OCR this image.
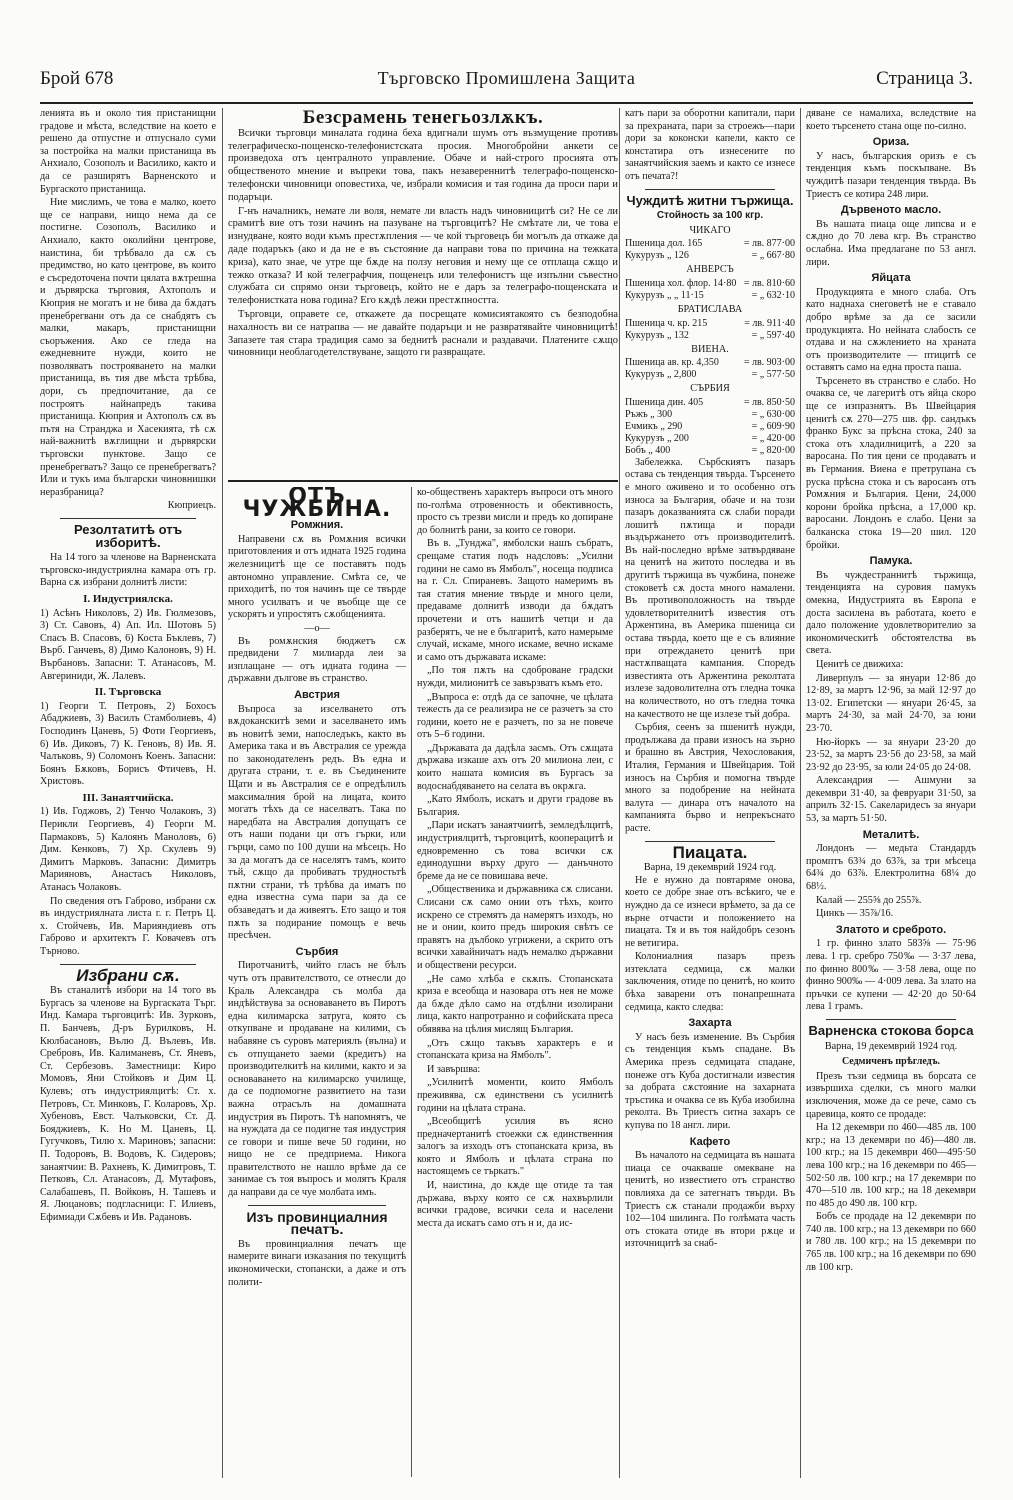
Брой 678	Търговско Промишлена Защита	Страница 3.

ленията въ и около тия пристанищни градове и мѣста, вследствие на което е решено да отпустне и отпуснало суми за постройка на малки пристанища въ Анхиало, Созополъ и Василико, както и да се разширятъ Варненското и Бургаското пристанища.

Ние мислимъ, че това е малко, което ще се направи, нищо нема да се постигне. Созополъ, Василико и Анхиало, както околийни центрове, наистина, би трѣбвало да сѫ съ предимство, но като центрове, въ които е съсредоточена почти цялата вѫтрешна и дървярска търговия, Ахтополъ и Кюприя не могатъ и не бива да бѫдатъ пренебрегвани отъ да се снабдятъ съ малки, макаръ, пристанищни съоръжения. Ако се гледа на ежедневните нужди, които не позволяватъ построяването на малки пристанища, въ тия две мѣста трѣбва, дори, съ предпочитание, да се построятъ найнапредъ такива пристанища. Кюприя и Ахтополъ сѫ въ пътя на Странджа и Хасекията, тѣ сѫ най-важнитѣ вѫглищни и дървярски търговски пунктове. Защо се пренебрегватъ? Защо се пренебрегватъ? Или и тукъ има български чиновнишки неразбраница?

Кюприецъ.

Резолтатитѣ отъ изборитѣ.

На 14 того за членове на Варненската търговско-индустриялна камара отъ гр. Варна сѫ избрани долнитѣ листи:

I. Индустриялска.

1) Асѣнъ Николовъ, 2) Ив. Гюлмезовъ, 3) Ст. Савовъ, 4) Ап. Ил. Шотовъ 5) Спасъ В. Спасовъ, 6) Коста Бъклевъ, 7) Върб. Ганчевъ, 8) Димо Калоновъ, 9) Н. Върбановъ. Запасни: Т. Атанасовъ, М. Авгериниди, Ж. Лалевъ.

II. Търговска

1) Георги Т. Петровъ, 2) Бохосъ Абаджиевъ, 3) Василъ Стамболиевъ, 4) Господинъ Цаневъ, 5) Фоти Георгиевъ, 6) Ив. Диковъ, 7) К. Геновъ, 8) Ив. Я. Чалъковъ, 9) Соломонъ Коенъ. Запасни: Боянъ Бѫковъ, Борисъ Фтичевъ, Н. Христовъ.

III. Занаятчийска.

1) Ив. Годжовъ, 2) Тенчо Чолаковъ, 3) Перикли Георгиевъ, 4) Георги М. Пармаковъ, 5) Калоянъ Маноловъ, 6) Дим. Кенковъ, 7) Хр. Скулевъ 9) Димитъ Марковъ. Запасни: Димитръ Марияновъ, Анастасъ Николовъ, Атанасъ Чолаковъ.

По сведения отъ Габрово, избрани сѫ въ индустриялната листа г. г. Петръ Ц. х. Стойчевъ, Ив. Марияндиевъ отъ Габрово и архитектъ Г. Ковачевъ отъ Търново.

Избрани сѫ.

Въ станалитѣ избори на 14 того въ Бургасъ за членове на Бургаската Търг. Инд. Камара търговцитѣ: Ив. Зурковъ, П. Банчевъ, Д-ръ Бурилковъ, Н. Кюлбасановъ, Вълю Д. Вълевъ, Ив. Сребровъ, Ив. Калиманевъ, Ст. Яневъ, Ст. Сербезовъ. Заместници: Киро Момовъ, Яни Стойковъ и Дим Ц. Кулевъ; отъ индустриялцитѣ: Ст. х. Петровъ, Ст. Минковъ, Г. Коларовъ, Хр. Хубеновъ, Евст. Чалъковски, Ст. Д. Бояджиевъ, К. Но М. Цаневъ, Ц. Гугучковъ, Тилю х. Мариновъ; запасни: П. Тодоровъ, В. Водовъ, К. Сидеровъ; занаятчии: В. Рахневъ, К. Димитровъ, Т. Петковъ, Сл. Атанасовъ, Д. Мутафовъ, Салабашевъ, П. Войковъ, Н. Ташевъ и Я. Люцановъ; подгласници: Г. Илиевъ, Ефимиади Сѫбевъ и Ив. Радановъ.

Безсрамень тенегьозлѫкъ.

Всички търговци миналата година беха вдигнали шумъ отъ възмущение противъ телеграфическо-пощенско-телефонистската просия. Многобройни анкети се произведоха отъ централното управление. Обаче и най-строго просията отъ общественото мнение и въпреки това, пакъ незавереннитѣ телеграфо-пощенско-телефонски чиновници оповестиха, че, избрали комисия и тая година да проси пари и подаръци.

Г-нъ началникъ, немате ли воля, немате ли власть надъ чиновницитѣ си? Не се ли срамитѣ вие отъ този начинъ на пазуване на търговцитѣ? Не смѣтате ли, че това е изнудване, която води къмъ престѫпления — че кой търговецъ би могълъ да откаже да даде подаръкъ (ако и да не е въ състояние да направи това по причина на тежката криза), като знае, че утре ще бѫде на ползу неговия и нему ще се отплаща сѫщо и тежко отказа? И кой телеграфчия, пощенецъ или телефонистъ ще изпълни съвестно службата си спрямо онзи търговецъ, който не е даръ за телеграфо-пощенската и телефонистката нова година? Его кѫдѣ лежи престѫпността.

Търговци, оправете се, откажете да посрещате комисиятакоято съ безподобна нахалность ви се натрапва — не давайте подаръци и не развратявайте чиновницитѣ! Запазете тая стара традиция само за беднитѣ раснали и раздавачи. Платените сѫщо чиновници необлагодетелствуване, защото ги развращате.

ОТЪ ЧУЖБИНА.
Ромжния.

Направени сѫ въ Ромѫния всички приготовления и отъ идната 1925 година железницитѣ ще се поставятъ подъ автономно управление. Смѣта се, че приходитѣ, по тоя начинъ ще се твърде много усилватъ и че въобще ще се ускорятъ и упростятъ сѫобщенията.

—о—

Въ ромѫнския бюджетъ сѫ предвидени 7 милиарда леи за изплащане — отъ идната година — държавни дългове въ странство.

Австрия

Въпроса за изселването отъ вѫдоканскитѣ земи и заселването имъ въ новитѣ земи, напоследъкъ, както въ Америка така и въ Австралия се урежда по законодателенъ редъ. Въ една и другата страни, т. е. въ Съединените Щати и въ Австралия се е опредѣлилъ максималния брой на лицата, които могатъ тѣхъ да се населватъ. Така по наредбата на Австралия допущатъ се отъ наши подани ци отъ гърки, или гърци, само по 100 души на мѣсецъ. Но за да могатъ да се населятъ тамъ, които тъй, сѫщо да пробиватъ трудностьтѣ пѫтни страни, тѣ трѣбва да иматъ по една известна сума пари за да се обзаведатъ и да живеятъ. Ето защо и тоя пѫть за подирание помощъ е вечь пресѣчен.

Сърбия

Пиротчанитѣ, чийто гласъ не бѣлъ чутъ отъ правителството, се отнесли до Краль Александра съ молба да индѣйствува за основаването въ Пиротъ една килимарска затруга, която съ откупване и продаване на килими, съ набавяне съ суровъ материялъ (вълна) и съ отпущането заеми (кредитъ) на производителкитѣ на килими, както и за основаването на килимарско училище, да се подпомогне развитието на тази важна отрасълъ на домашната индустрия въ Пиротъ. Тѣ напомнятъ, че на нуждата да се подигне тая индустрия се говори и пише вече 50 години, но нищо не се предприема. Никога правителството не нашло врѣме да се занимае съ тоя въпросъ и молятъ Краля да направи да се чуе молбата имъ.

Изъ провинциалния печатъ.

Въ провинциалния печатъ ще намерите винаги изказания по текущитѣ икономически, стопански, а даже и отъ полити-

ко-общественъ характеръ въпроси отъ много по-голѣма отровенность и обективность, просто съ трезви мисли и предъ ко допиране до болнитѣ рани, за които се говори.

Въ в. „Тунджа", ямболски нашъ събратъ, срещаме статия подъ надсловъ: „Усилни години не само въ Ямболъ", носеща подписа на г. Сл. Спираневъ. Защото намеримъ въ тая статия мнение твърде и много цели, предаваме долнитѣ изводи да бѫдатъ прочетени и отъ нашитѣ четци и да разберятъ, че не е българитѣ, като намерыме случай, искаме, много искаме, вечно искаме и само отъ държавата искаме:

„По тоя пѫть на сдоброване градски нужди, милионитѣ се завързватъ къмъ ето.

„Въпроса е: отдѣ да се започне, че цѣлата тежесть да се реализира не се разчетъ за сто години, което не е разчетъ, по за не повече отъ 5–6 години.

„Държавата да дадѣла засмъ. Отъ сѫщата държава изкаше ахъ отъ 20 милиона леи, с които нашата комисия въ Бургасъ за водоснабдяването на селата въ окрѫга.

„Като Ямболъ, искатъ и други градове въ България.

„Пари искатъ занаятчиитѣ, земледѣлцитѣ, индустриялцитѣ, търговцитѣ, кооперацитѣ и едновременно съ това всички сѫ единодушни върху друго — данъчното бреме да не се повишава вече.

„Общественика и държавника сѫ слисани. Слисани сѫ само онии отъ тѣхъ, които искрено се стремятъ да намерятъ изходъ, но не и онии, които предъ широкия свѣтъ се правятъ на дълбоко угрижени, а скрито отъ всички хавайничатъ надъ немалко държавни и обществени ресурси.

„Не само хлѣба е скѫпъ. Стопанската криза е всеобща и назовара отъ нея не може да бѫде дѣло само на отдѣлни изолирани лица, както напротранно и софийската преса обявява на цѣлия мислящ България.

„Отъ сѫщо такъвъ характеръ е и стопанската криза на Ямболъ".

И завършва:

„Усилнитѣ моменти, които Ямболъ преживява, сѫ единствени съ усилнитѣ години на цѣлата страна.

„Всеобщитѣ усилия въ ясно предначертанитѣ стоежки сѫ единственния залогъ за изходъ отъ стопанската криза, въ която и Ямболъ и цѣлата страна по настоящемъ се търкатъ."

И, наистина, до кѫде ще отиде та тая държава, върху която се сѫ нахвърлили всички градове, всички села и населени места да искатъ само отъ н и, да ис-

катъ пари за оборотни капитали, пари за прехраната, пари за строежъ—пари дори за коконски капели, както се констатира отъ изнесените по занаятчийския заемъ и както се изнесе отъ печата?!

Чуждитѣ житни тържища.
Стойность за 100 кгр.
ЧИКАГО
Пшеница дол. 165	= лв. 877·00
Кукурузъ „ 126	= „ 667·80
АНВЕРСЪ
Пшеница хол. флор. 14·80	= лв. 810·60
Кукурузъ „ „ 11·15	= „ 632·10
БРАТИСЛАВА
Пшеница ч. кр. 215	= лв. 911·40
Кукурузъ „ 132	= „ 597·40
ВИЕНА.
Пшеница ав. кр. 4,350	= лв. 903·00
Кукурузъ „ 2,800	= „ 577·50
СЪРБИЯ
Пшеница дин. 405	= лв. 850·50
Ръжъ „ 300	= „ 630·00
Ечмикъ „ 290	= „ 609·90
Кукурузъ „ 200	= „ 420·00
Бобъ „ 400	= „ 820·00

Забележка. Сърбскиятъ пазаръ остава съ тенденция твърда. Търсенето е много оживено и то особенно отъ износа за България, обаче и на този пазаръ доказванията сѫ слаби поради лошитѣ пѫтища и поради въздържането отъ производителитѣ. Въ най-последно врѣме затвърдяване на ценитѣ на житото последва и въ другитѣ тържища въ чужбина, понеже стоковетѣ сѫ доста много намалени. Въ противоположность на твърде удовлетворителнитѣ известия отъ Аржентина, въ Америка пшеница си остава твърда, което ще е съ влияние при отреждането ценитѣ при настѫпващата кампания. Споредъ известията отъ Аржентина реколтата излезе задоволителна отъ гледна точка на количеството, но отъ гледна точка на качеството не ще излезе тъй добра.

Сърбия, сеенъ за пшенитѣ нужди, продължава да прави износъ на зърно и брашно въ Австрия, Чехословакия, Италия, Германия и Швейцария. Той износъ на Сърбия и помогна твърде много за подобрение на нейната валута — динара отъ началото на кампанията бърво и непрекъснато расте.

Пиацата.
Варна, 19 декемврий 1924 год.

Не е нужно да повтаряме онова, което се добре знае отъ всѣкиго, че е нуждно да се изнеси врѣмето, за да се върне отчасти и положението на пиацата. Тя и въ тоя найдобръ сезонъ не ветигира.

Колониалния пазаръ презъ изтеклата седмица, сѫ малки заключения, отиде по ценитѣ, но които бѣха заварени отъ понапрешната седмица, както следва:

Захарта

У насъ безъ изменение. Въ Сърбия съ тенденция къмъ спадане. Въ Америка презъ седмицата спадане, понеже отъ Куба достигнали известия за добрата сѫстояние на захарната тръстика и очаква се въ Куба изобилна реколта. Въ Триестъ ситна захаръ се купува по 18 англ. лири.

Кафето

Въ началото на седмицата въ нашата пиаца се очакваше омекване на ценитѣ, но известието отъ странство повлияха да се затегнатъ твърди. Въ Триестъ сѫ станали продажби върху 102—104 шилинга. По голѣмата часть отъ стоката отиде въ втори рѫце и източницитѣ за снаб-

дяване се намалиха, вследствие на което търсенето стана още по-силно.

Ориза.

У насъ, българския оризъ е съ тенденция къмъ поскъпване. Въ чуждитѣ пазари тенденция твърда. Въ Триестъ се котира 248 лири.

Дървеното масло.

Въ нашата пиаца още липсва и е сѫдно до 70 лева кгр. Въ странство ослабна. Има предлагане по 53 англ. лири.

Яйцата

Продукцията е много слаба. Отъ като наднаха снеговетѣ не е ставало добро врѣме за да се засили продукцията. Но нейната слабость се отдава и на сѫжлението на храната отъ производителите — птицитѣ се оставятъ само на една проста паша.

Търсенето въ странство е слабо. Но очаква се, че лагеритѣ отъ яйца скоро ще се изпразнятъ. Въ Швейцария ценитѣ сѫ 270—275 шв. фр. сандъкъ франко Букс за прѣсна стока, 240 за стока отъ хладилницитѣ, а 220 за варосана. По тия цени се продаватъ и въ Германия. Виена е претрупана съ руска прѣсна стока и съ варосанъ отъ Ромѫния и България. Цени, 24,000 корони бройка прѣсна, а 17,000 кр. варосани. Лондонъ е слабо. Цени за балканска стока 19—20 шил. 120 бройки.

Памука.

Въ чуждестраннитѣ тържища, тенденцията на суровия памукъ омекна, Индустрията въ Европа е доста засилена въ работата, което е дало положение удовлетворителио за икономическитѣ обстоятелства въ света.

Ценитѣ се движиха:

Ливерпулъ — за януари 12·86 до 12·89, за мартъ 12·96, за май 12·97 до 13·02. Египетски — януари 26·45, за мартъ 24·30, за май 24·70, за юни 23·70.

Ню-йоркъ — за януари 23·20 до 23·52, за мартъ 23·56 до 23·58, за май 23·92 до 23·95, за юли 24·05 до 24·08.

Александрия — Ашмуни за декември 31·40, за февруари 31·50, за априлъ 32·15. Сакеларидесъ за януари 53, за мартъ 51·50.

Металитѣ.

Лондонъ — медьта Стандардъ промптъ 63¾ до 63⅞, за три мѣсеца 64¾ до 63⅞. Електролитна 68¼ до 68½.

Калай — 255⅝ до 255⅞.

Цинкъ — 35⅞/16.

Златото и среброто.

1 гр. финно злато 583⅝ — 75·96 лева. 1 гр. сребро 750‰ — 3·37 лева, по финно 800‰ — 3·58 лева, още по финно 900‰ — 4·009 лева. За злато на пръчки се купени — 42·20 до 50·64 лева 1 грамъ.

Варненска стокова борса
Варна, 19 декемврий 1924 год.
Седмиченъ прѣгледъ.

Презъ тъзи седмица въ борсата се извършиха сделки, съ много малки изключения, може да се рече, само съ царевица, която се продаде:

На 12 декември по 460—485 лв. 100 кгр.; на 13 декември по 46)—480 лв. 100 кгр.; на 15 декември 460—495·50 лева 100 кгр.; на 16 декември по 465—502·50 лв. 100 кгр.; на 17 декември по 470—510 лв. 100 кгр.; на 18 декември по 485 до 490 лв. 100 кгр.

Бобъ се продаде на 12 декември по 740 лв. 100 кгр.; на 13 декември по 660 и 780 лв. 100 кгр.; на 15 декември по 765 лв. 100 кгр.; на 16 декември по 690 лв 100 кгр.
